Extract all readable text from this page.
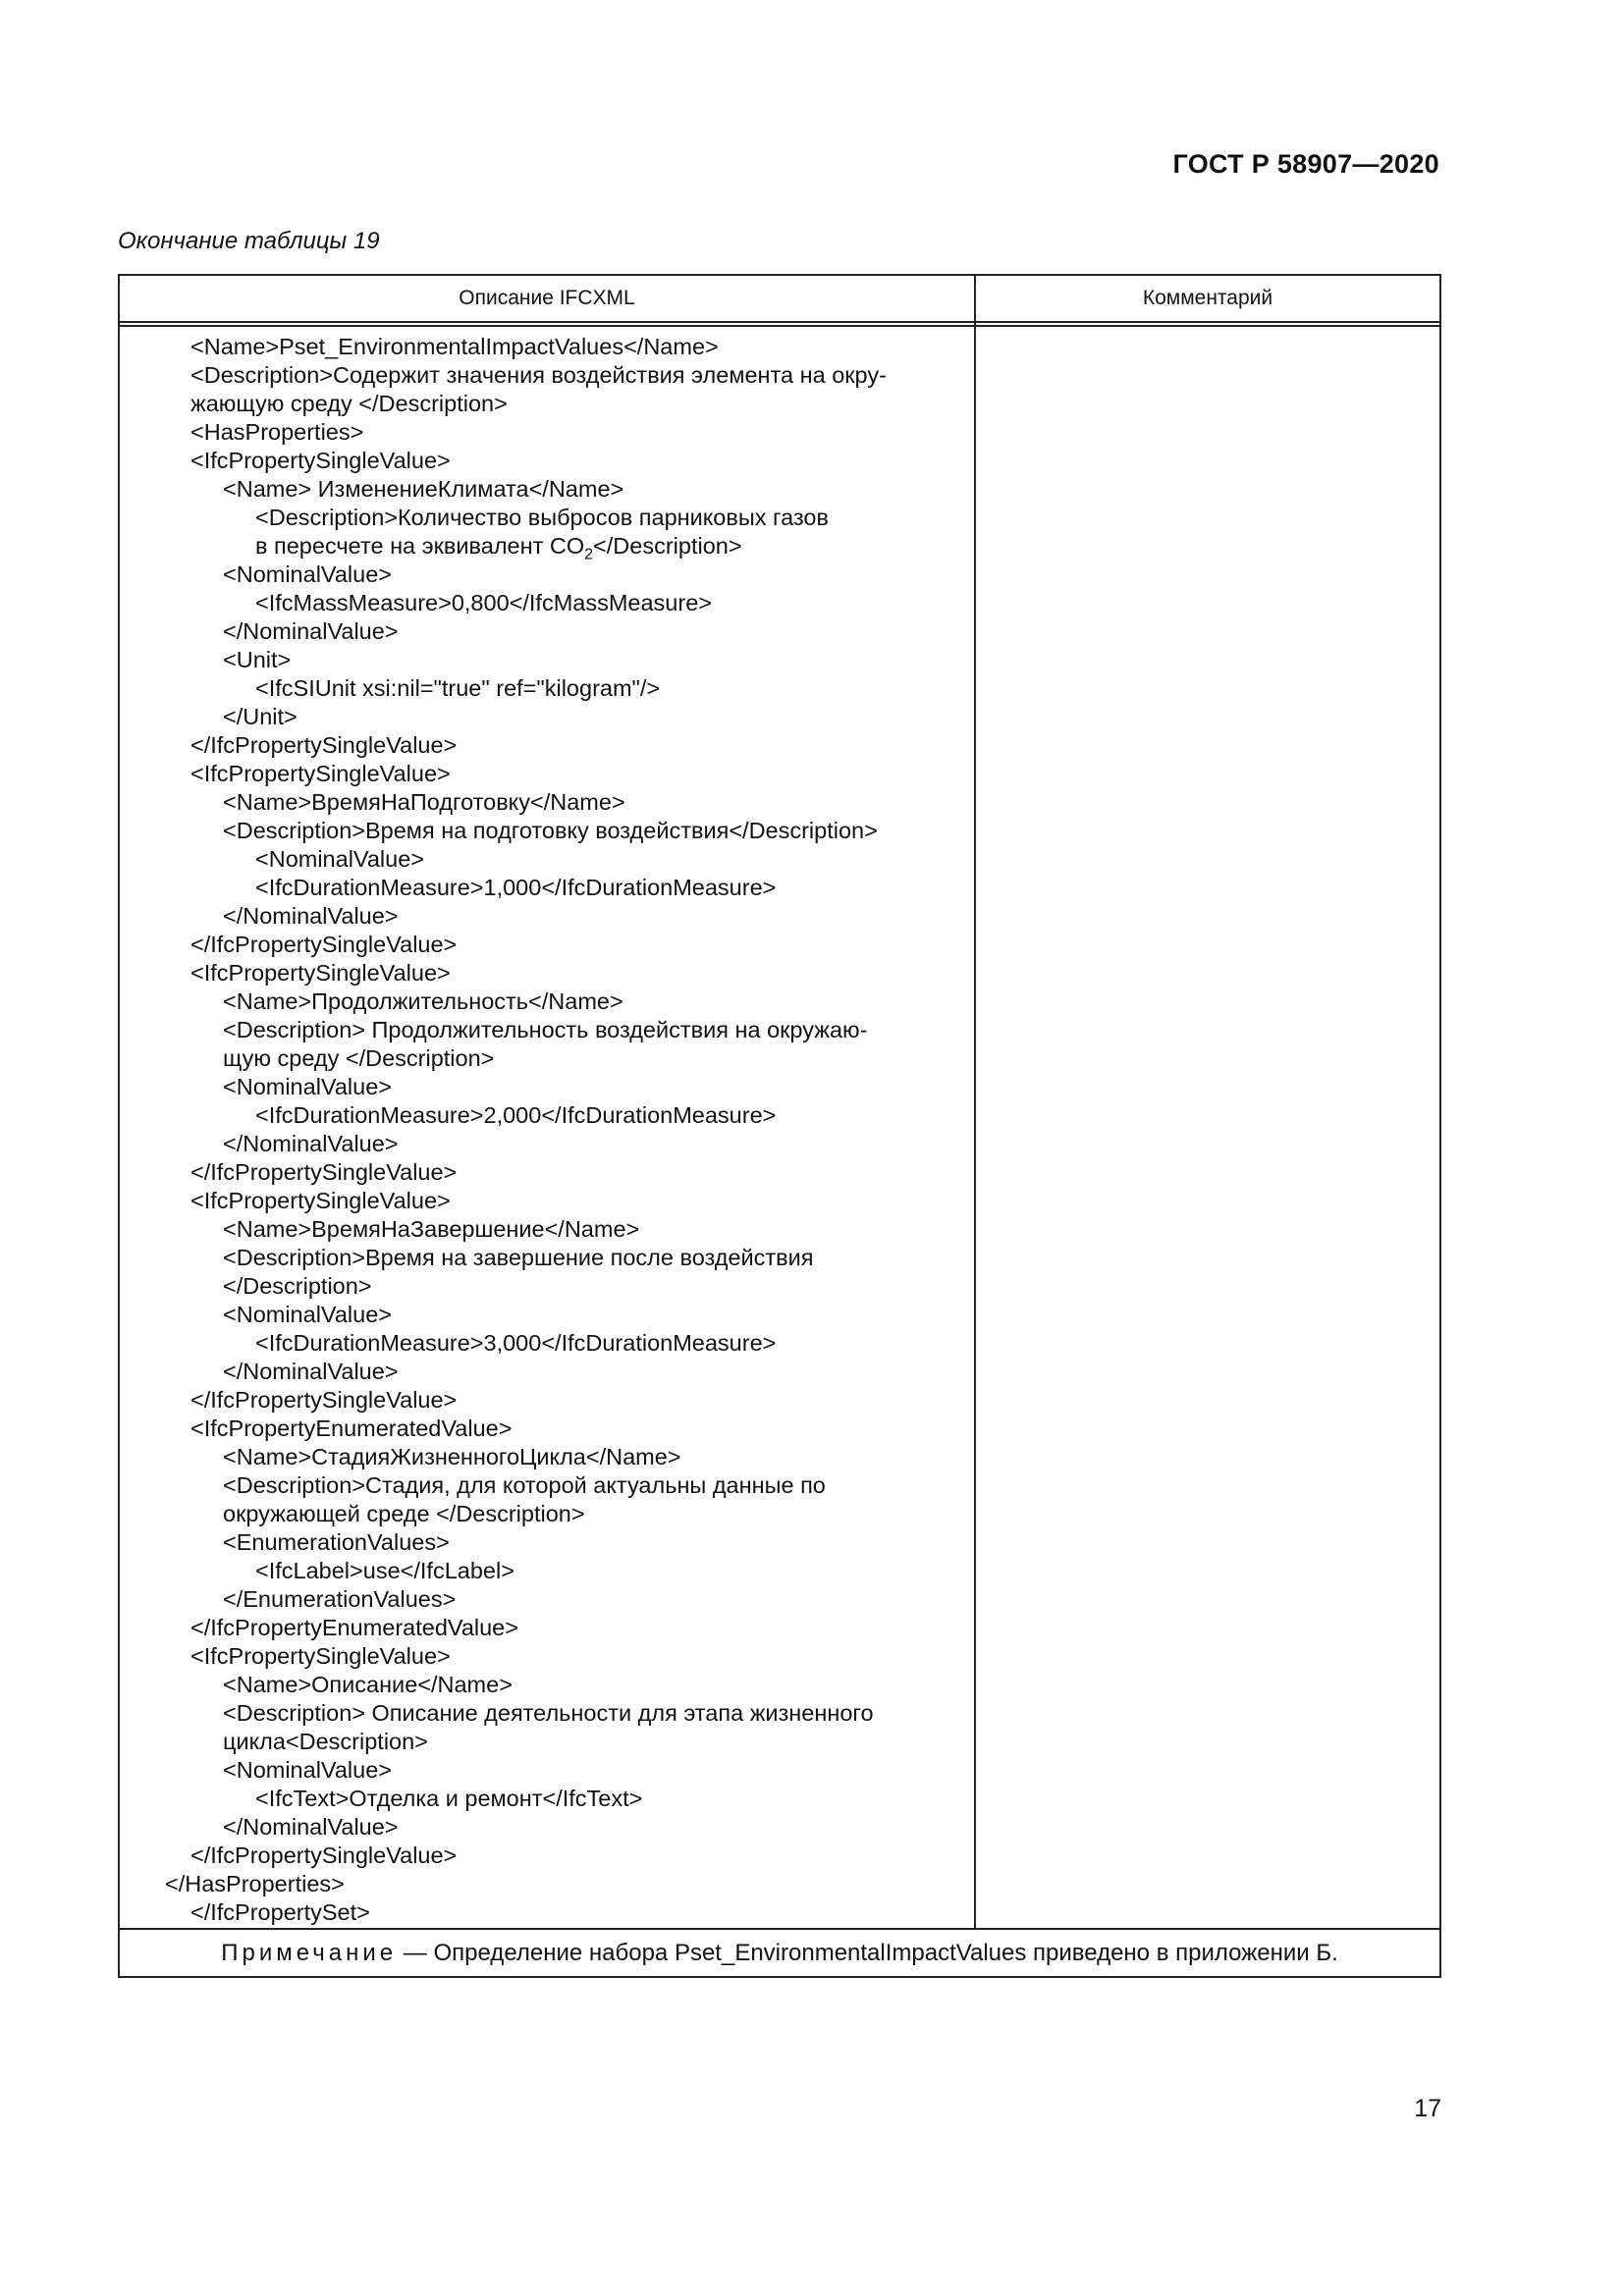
ГОСТ Р 58907—2020
Окончание таблицы 19
Описание IFCXML	Комментарий
<Name>Pset_EnvironmentalImpactValues</Name>
<Description>Содержит значения воздействия элемента на окру-
жающую среду </Description>
<HasProperties>
<IfcPropertySingleValue>
<Name> ИзменениеКлимата</Name>
<Description>Количество выбросов парниковых газов
в пересчете на эквивалент $CO_2</Description>$
<NominalValue>
<IfcMassMeasure>0,800</IfcMassMeasure>
</NominalValue>
<Unit>
<IfcSIUnit xsi:nil="true" ref="kilogram"/>
</Unit>
</IfcPropertySingleValue>
<IfcPropertySingleValue>
<Name>ВремяНаПодготовку</Name>
<Description>Время на подготовку воздействия</Description>
<NominalValue>
<IfcDurationMeasure>1,000</IfcDurationMeasure>
</NominalValue>
</IfcPropertySingleValue>
<IfcPropertySingleValue>
<Name>Продолжительность</Name>
<Description> Продолжительность воздействия на окружаю-
щую среду </Description>
<NominalValue>
<IfcDurationMeasure>2,000</IfcDurationMeasure>
</NominalValue>
</IfcPropertySingleValue>
<IfcPropertySingleValue>
<Name>ВремяНаЗавершение</Name>
<Description>Время на завершение после воздействия
</Description>
<NominalValue>
<IfcDurationMeasure>3,000</IfcDurationMeasure>
</NominalValue>
</IfcPropertySingleValue>
<IfcPropertyEnumeratedValue>
<Name>СтадияЖизненногоЦикла</Name>
<Description>Стадия, для которой актуальны данные по
окружающей среде </Description>
<EnumerationValues>
<IfcLabel>use</IfcLabel>
</EnumerationValues>
</IfcPropertyEnumeratedValue>
<IfcPropertySingleValue>
<Name>Описание</Name>
<Description> Описание деятельности для этапа жизненного
цикла<Description>
<NominalValue>
<IfcText>Отделка и ремонт</IfcText>
</NominalValue>
</IfcPropertySingleValue>
</HasProperties>
</IfcPropertySet>
Примечание — Определение набора Pset_EnvironmentalImpactValues приведено в приложении Б.
17
